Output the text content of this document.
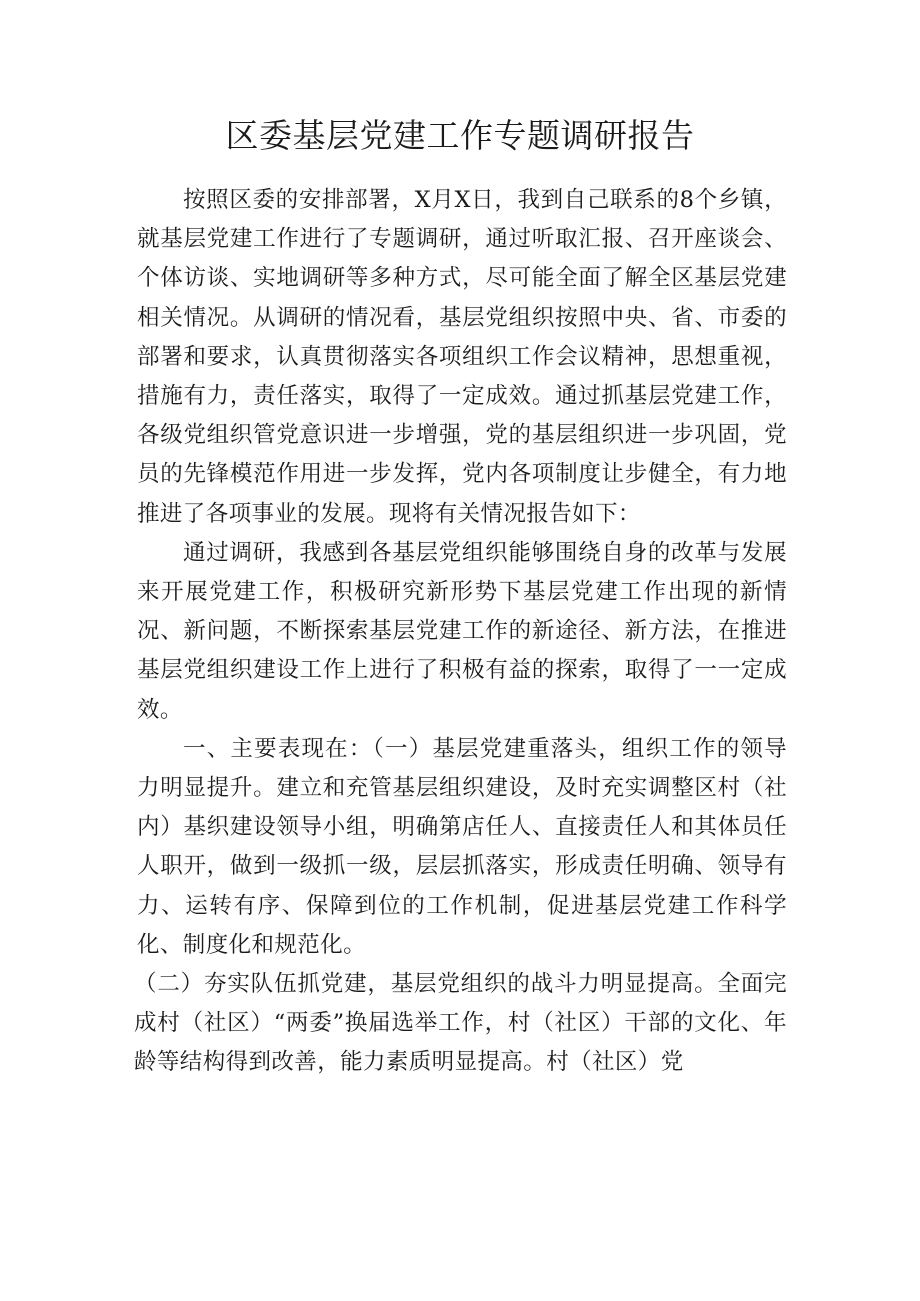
区委基层党建工作专题调研报告

按照区委的安排部署，X月X日，我到自己联系的8个乡镇，就基层党建工作进行了专题调研，通过听取汇报、召开座谈会、个体访谈、实地调研等多种方式，尽可能全面了解全区基层党建相关情况。从调研的情况看，基层党组织按照中央、省、市委的部署和要求，认真贯彻落实各项组织工作会议精神，思想重视，措施有力，责任落实，取得了一定成效。通过抓基层党建工作，各级党组织管党意识进一步增强，党的基层组织进一步巩固，党员的先锋模范作用进一步发挥，党内各项制度让步健全，有力地推进了各项事业的发展。现将有关情况报告如下：

通过调研，我感到各基层党组织能够围绕自身的改革与发展来开展党建工作，积极研究新形势下基层党建工作出现的新情况、新问题，不断探索基层党建工作的新途径、新方法，在推进基层党组织建设工作上进行了积极有益的探索，取得了一一定成效。

一、主要表现在：（一）基层党建重落头，组织工作的领导力明显提升。建立和充管基层组织建设，及时充实调整区村（社内）基织建设领导小组，明确第店任人、直接责任人和其体员任人职开，做到一级抓一级，层层抓落实，形成责任明确、领导有力、运转有序、保障到位的工作机制，促进基层党建工作科学化、制度化和规范化。

（二）夯实队伍抓党建，基层党组织的战斗力明显提高。全面完成村（社区）“两委”换届选举工作，村（社区）干部的文化、年龄等结构得到改善，能力素质明显提高。村（社区）党
